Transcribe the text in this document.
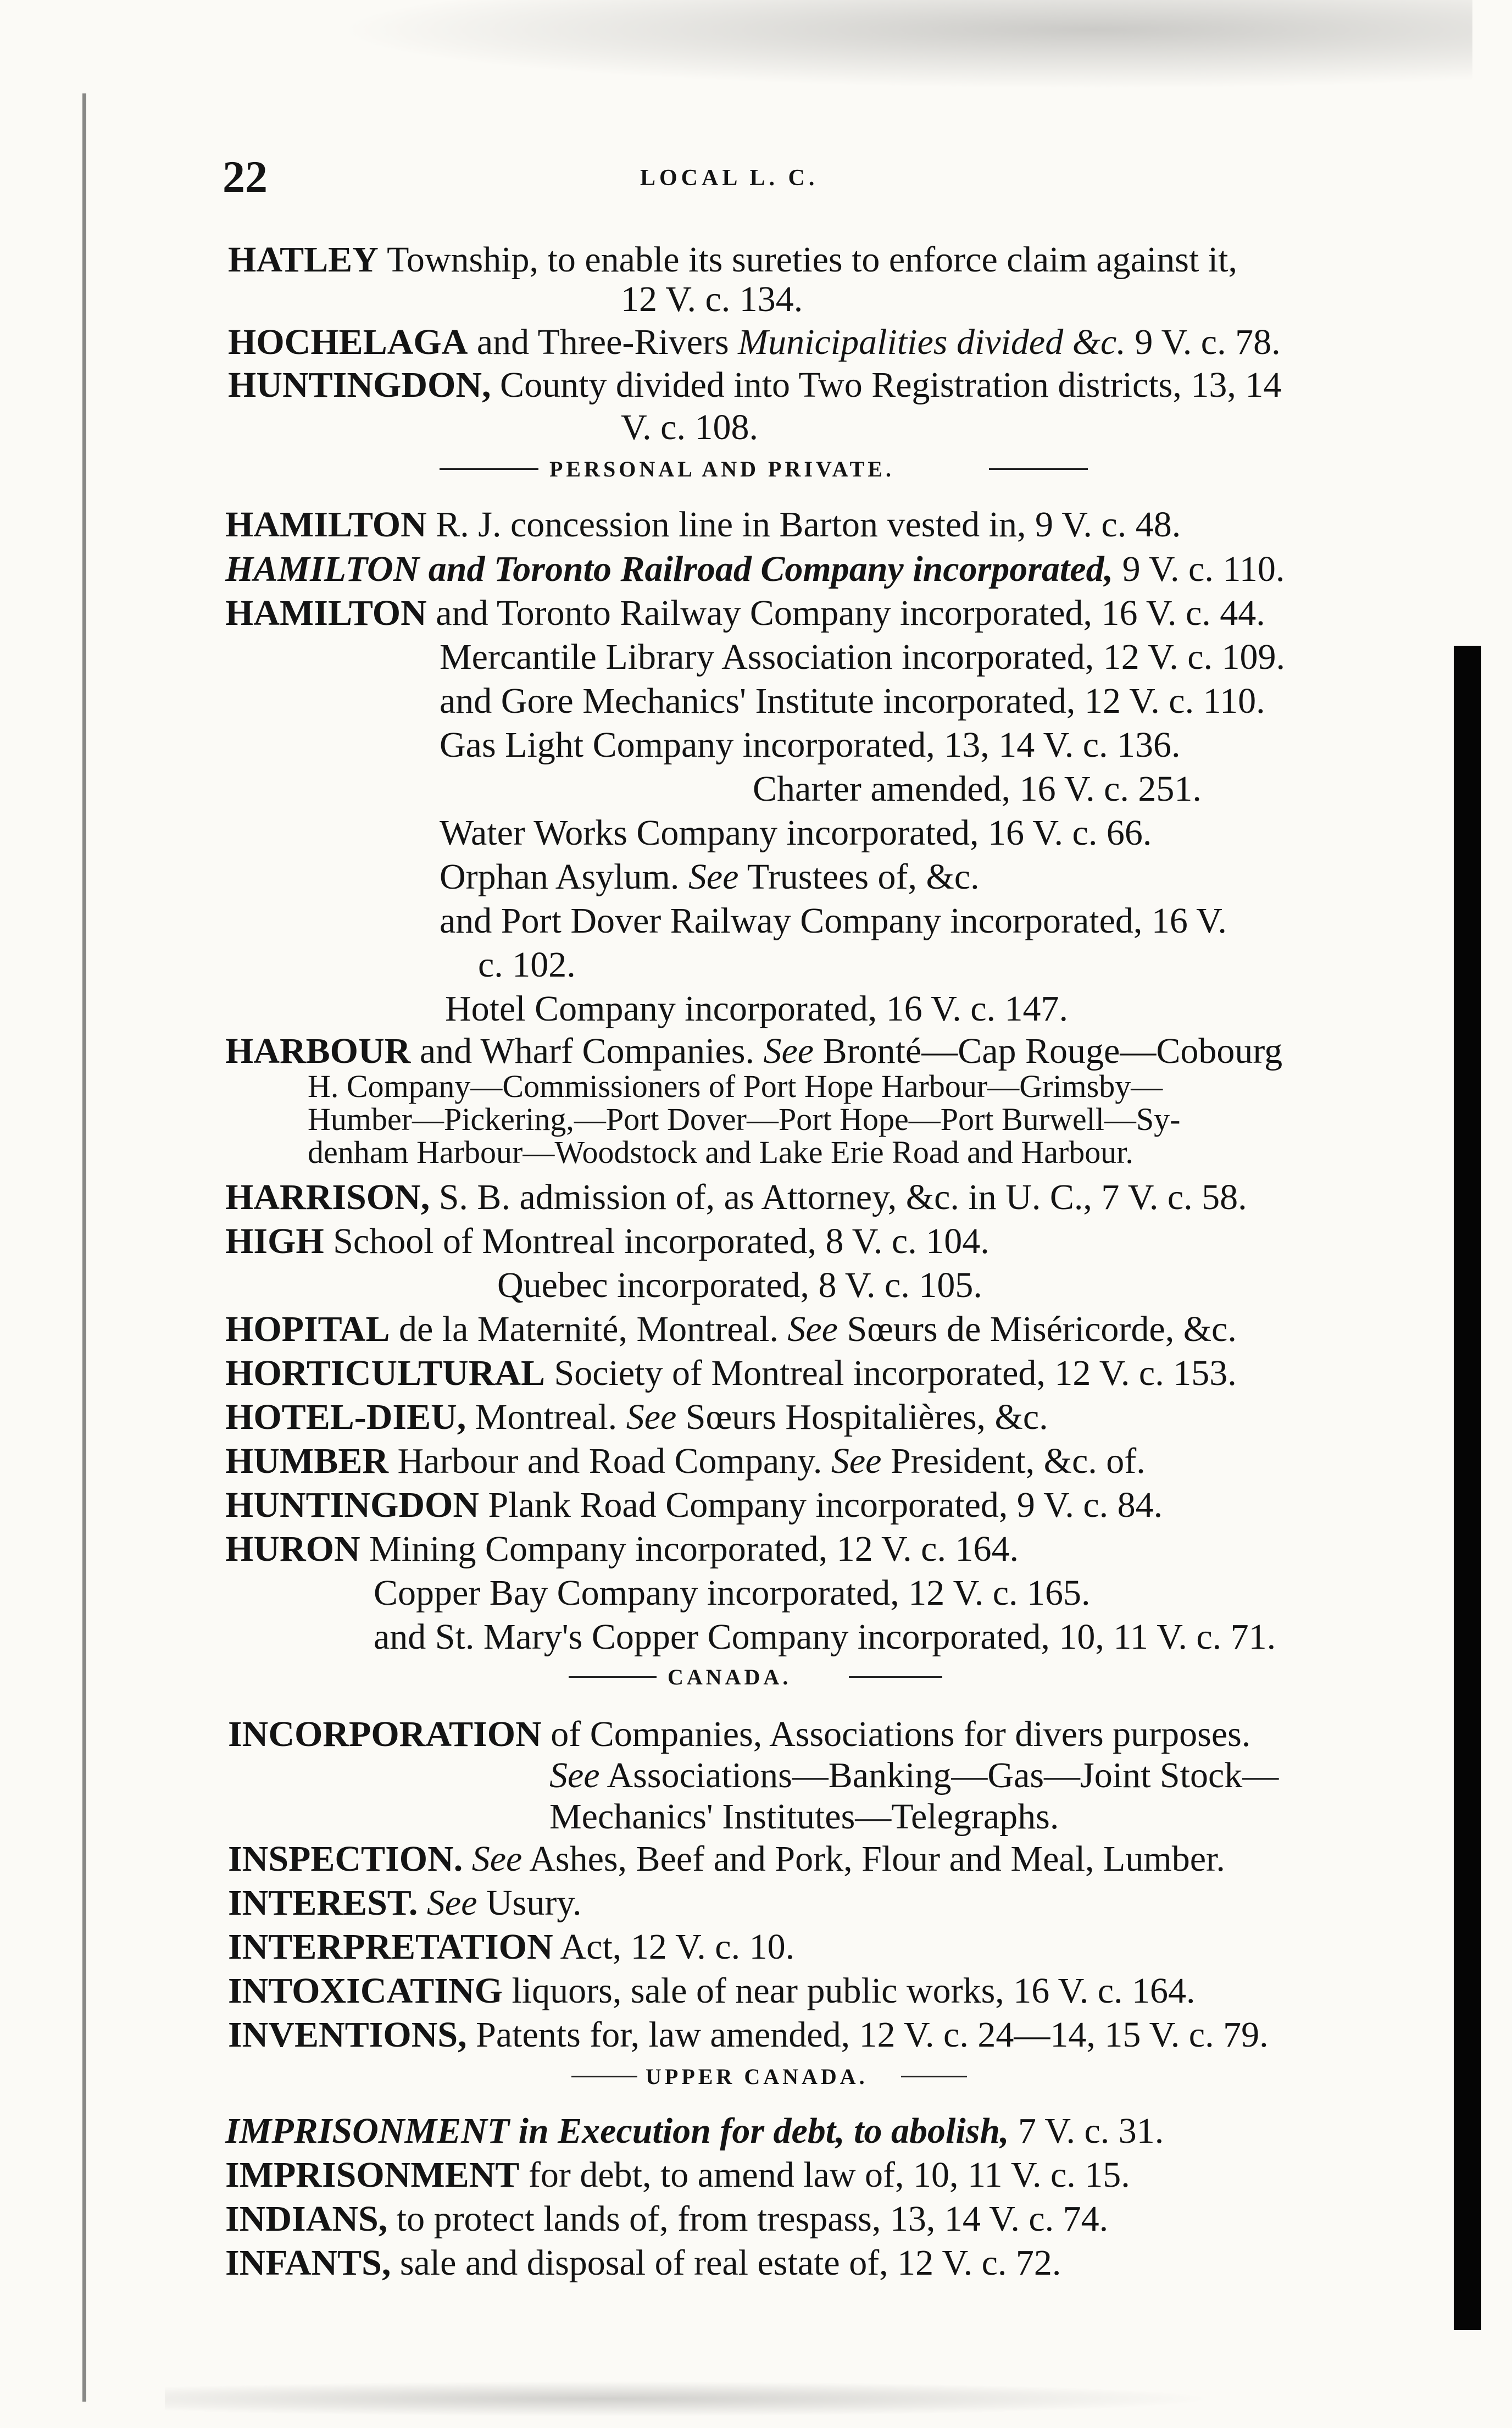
22	LOCAL L. C.
HATLEY Township, to enable its sureties to enforce claim against it,
12 V. c. 134.
HOCHELAGA and Three-Rivers Municipalities divided &c. 9 V. c. 78.
HUNTINGDON, County divided into Two Registration districts, 13, 14
V. c. 108.
PERSONAL AND PRIVATE.
HAMILTON R. J. concession line in Barton vested in, 9 V. c. 48.
HAMILTON and Toronto Railroad Company incorporated, 9 V. c. 110.
HAMILTON and Toronto Railway Company incorporated, 16 V. c. 44.
Mercantile Library Association incorporated, 12 V. c. 109.
and Gore Mechanics' Institute incorporated, 12 V. c. 110.
Gas Light Company incorporated, 13, 14 V. c. 136.
Charter amended, 16 V. c. 251.
Water Works Company incorporated, 16 V. c. 66.
Orphan Asylum. See Trustees of, &c.
and Port Dover Railway Company incorporated, 16 V.
c. 102.
Hotel Company incorporated, 16 V. c. 147.
HARBOUR and Wharf Companies. See Bronté—Cap Rouge—Cobourg
H. Company—Commissioners of Port Hope Harbour—Grimsby—
Humber—Pickering,—Port Dover—Port Hope—Port Burwell—Sy-
denham Harbour—Woodstock and Lake Erie Road and Harbour.
HARRISON, S. B. admission of, as Attorney, &c. in U. C., 7 V. c. 58.
HIGH School of Montreal incorporated, 8 V. c. 104.
Quebec incorporated, 8 V. c. 105.
HOPITAL de la Maternité, Montreal. See Sœurs de Miséricorde, &c.
HORTICULTURAL Society of Montreal incorporated, 12 V. c. 153.
HOTEL-DIEU, Montreal. See Sœurs Hospitalières, &c.
HUMBER Harbour and Road Company. See President, &c. of.
HUNTINGDON Plank Road Company incorporated, 9 V. c. 84.
HURON Mining Company incorporated, 12 V. c. 164.
Copper Bay Company incorporated, 12 V. c. 165.
and St. Mary's Copper Company incorporated, 10, 11 V. c. 71.
CANADA.
INCORPORATION of Companies, Associations for divers purposes.
See Associations—Banking—Gas—Joint Stock—
Mechanics' Institutes—Telegraphs.
INSPECTION. See Ashes, Beef and Pork, Flour and Meal, Lumber.
INTEREST. See Usury.
INTERPRETATION Act, 12 V. c. 10.
INTOXICATING liquors, sale of near public works, 16 V. c. 164.
INVENTIONS, Patents for, law amended, 12 V. c. 24—14, 15 V. c. 79.
UPPER CANADA.
IMPRISONMENT in Execution for debt, to abolish, 7 V. c. 31.
IMPRISONMENT for debt, to amend law of, 10, 11 V. c. 15.
INDIANS, to protect lands of, from trespass, 13, 14 V. c. 74.
INFANTS, sale and disposal of real estate of, 12 V. c. 72.
